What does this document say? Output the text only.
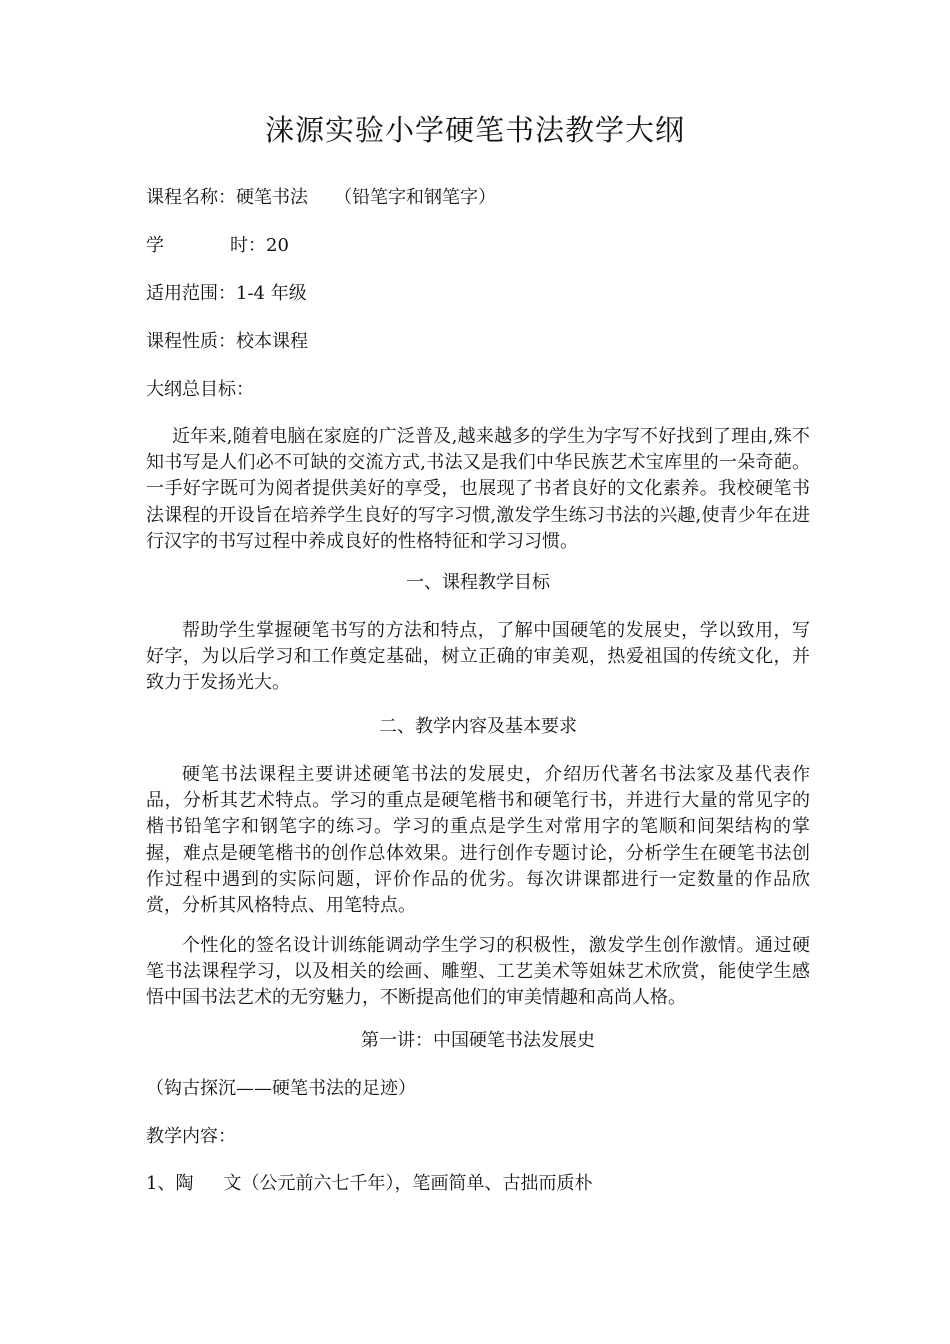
涞源实验小学硬笔书法教学大纲
课程名称：硬笔书法 （铅笔字和钢笔字）
学	时：20
适用范围：1-4 年级
课程性质：校本课程
大纲总目标：
近年来,随着电脑在家庭的广泛普及,越来越多的学生为字写不好找到了理由,殊不知书写是人们必不可缺的交流方式,书法又是我们中华民族艺术宝库里的一朵奇葩。一手好字既可为阅者提供美好的享受，也展现了书者良好的文化素养。我校硬笔书法课程的开设旨在培养学生良好的写字习惯,激发学生练习书法的兴趣,使青少年在进行汉字的书写过程中养成良好的性格特征和学习习惯。
一、课程教学目标
帮助学生掌握硬笔书写的方法和特点，了解中国硬笔的发展史，学以致用，写好字，为以后学习和工作奠定基础，树立正确的审美观，热爱祖国的传统文化，并致力于发扬光大。
二、教学内容及基本要求
硬笔书法课程主要讲述硬笔书法的发展史，介绍历代著名书法家及基代表作品，分析其艺术特点。学习的重点是硬笔楷书和硬笔行书，并进行大量的常见字的楷书铅笔字和钢笔字的练习。学习的重点是学生对常用字的笔顺和间架结构的掌握，难点是硬笔楷书的创作总体效果。进行创作专题讨论，分析学生在硬笔书法创作过程中遇到的实际问题，评价作品的优劣。每次讲课都进行一定数量的作品欣赏，分析其风格特点、用笔特点。
个性化的签名设计训练能调动学生学习的积极性，激发学生创作激情。通过硬笔书法课程学习，以及相关的绘画、雕塑、工艺美术等姐妹艺术欣赏，能使学生感悟中国书法艺术的无穷魅力，不断提高他们的审美情趣和高尚人格。
第一讲：中国硬笔书法发展史
（钩古探沉——硬笔书法的足迹）
教学内容：
1、陶 文（公元前六七千年），笔画简单、古拙而质朴
